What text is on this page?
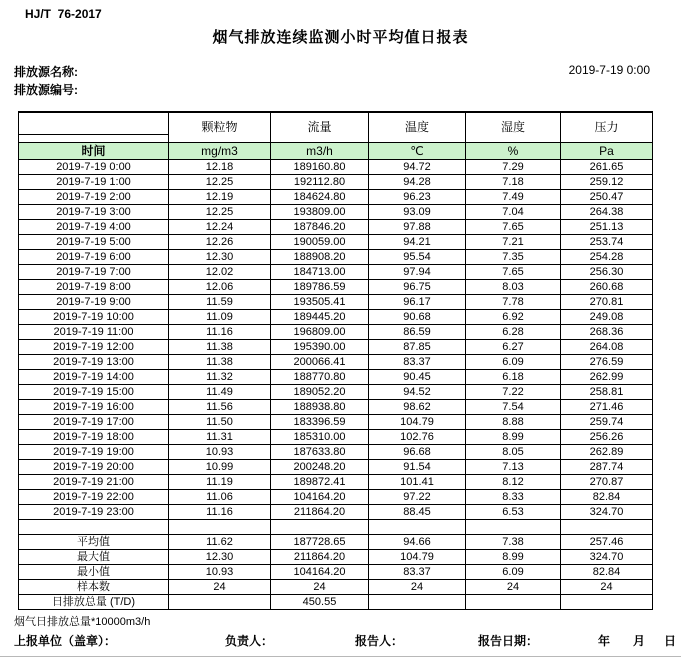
HJ/T  76-2017
烟气排放连续监测小时平均值日报表
排放源名称:
排放源编号:
2019-7-19 0:00
	颗粒物	流量	温度	湿度	压力
时间	mg/m3	m3/h	℃	%	Pa
2019-7-19 0:00	12.18	189160.80	94.72	7.29	261.65
2019-7-19 1:00	12.25	192112.80	94.28	7.18	259.12
2019-7-19 2:00	12.19	184624.80	96.23	7.49	250.47
2019-7-19 3:00	12.25	193809.00	93.09	7.04	264.38
2019-7-19 4:00	12.24	187846.20	97.88	7.65	251.13
2019-7-19 5:00	12.26	190059.00	94.21	7.21	253.74
2019-7-19 6:00	12.30	188908.20	95.54	7.35	254.28
2019-7-19 7:00	12.02	184713.00	97.94	7.65	256.30
2019-7-19 8:00	12.06	189786.59	96.75	8.03	260.68
2019-7-19 9:00	11.59	193505.41	96.17	7.78	270.81
2019-7-19 10:00	11.09	189445.20	90.68	6.92	249.08
2019-7-19 11:00	11.16	196809.00	86.59	6.28	268.36
2019-7-19 12:00	11.38	195390.00	87.85	6.27	264.08
2019-7-19 13:00	11.38	200066.41	83.37	6.09	276.59
2019-7-19 14:00	11.32	188770.80	90.45	6.18	262.99
2019-7-19 15:00	11.49	189052.20	94.52	7.22	258.81
2019-7-19 16:00	11.56	188938.80	98.62	7.54	271.46
2019-7-19 17:00	11.50	183396.59	104.79	8.88	259.74
2019-7-19 18:00	11.31	185310.00	102.76	8.99	256.26
2019-7-19 19:00	10.93	187633.80	96.68	8.05	262.89
2019-7-19 20:00	10.99	200248.20	91.54	7.13	287.74
2019-7-19 21:00	11.19	189872.41	101.41	8.12	270.87
2019-7-19 22:00	11.06	104164.20	97.22	8.33	82.84
2019-7-19 23:00	11.16	211864.20	88.45	6.53	324.70

平均值	11.62	187728.65	94.66	7.38	257.46
最大值	12.30	211864.20	104.79	8.99	324.70
最小值	10.93	104164.20	83.37	6.09	82.84
样本数	24	24	24	24	24
日排放总量 (T/D)		450.55			
烟气日排放总量*10000m3/h
上报单位（盖章）：	负责人：	报告人：	报告日期：	年 月 日
